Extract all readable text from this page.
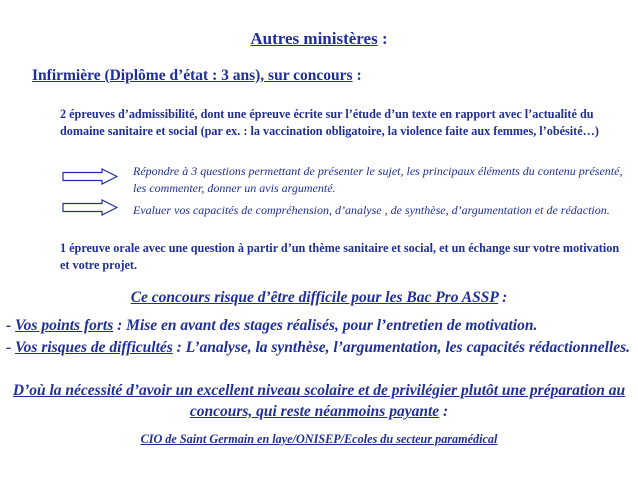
Autres ministères :
Infirmière (Diplôme d’état : 3 ans), sur concours :
2 épreuves d’admissibilité, dont une épreuve écrite sur l’étude d’un texte en rapport avec l’actualité du domaine sanitaire et social (par ex. : la vaccination obligatoire, la violence faite aux femmes, l’obésité…)
Répondre à 3 questions permettant de présenter le sujet, les principaux éléments du contenu présenté, les commenter, donner un avis argumenté.
Evaluer vos capacités de compréhension, d’analyse , de synthèse, d’argumentation et de rédaction.
1 épreuve orale avec une question à partir d’un thème sanitaire et social, et un échange sur votre motivation et votre projet.
Ce concours risque d’être difficile pour les Bac Pro ASSP :
- Vos points forts : Mise en avant des stages réalisés, pour l’entretien de motivation.
- Vos risques de difficultés : L’analyse, la synthèse, l’argumentation, les capacités rédactionnelles.
D’où la nécessité d’avoir un excellent niveau scolaire et de privilégier plutôt une préparation au concours, qui reste néanmoins payante :
CIO de Saint Germain en laye/ONISEP/Ecoles du secteur paramédical
